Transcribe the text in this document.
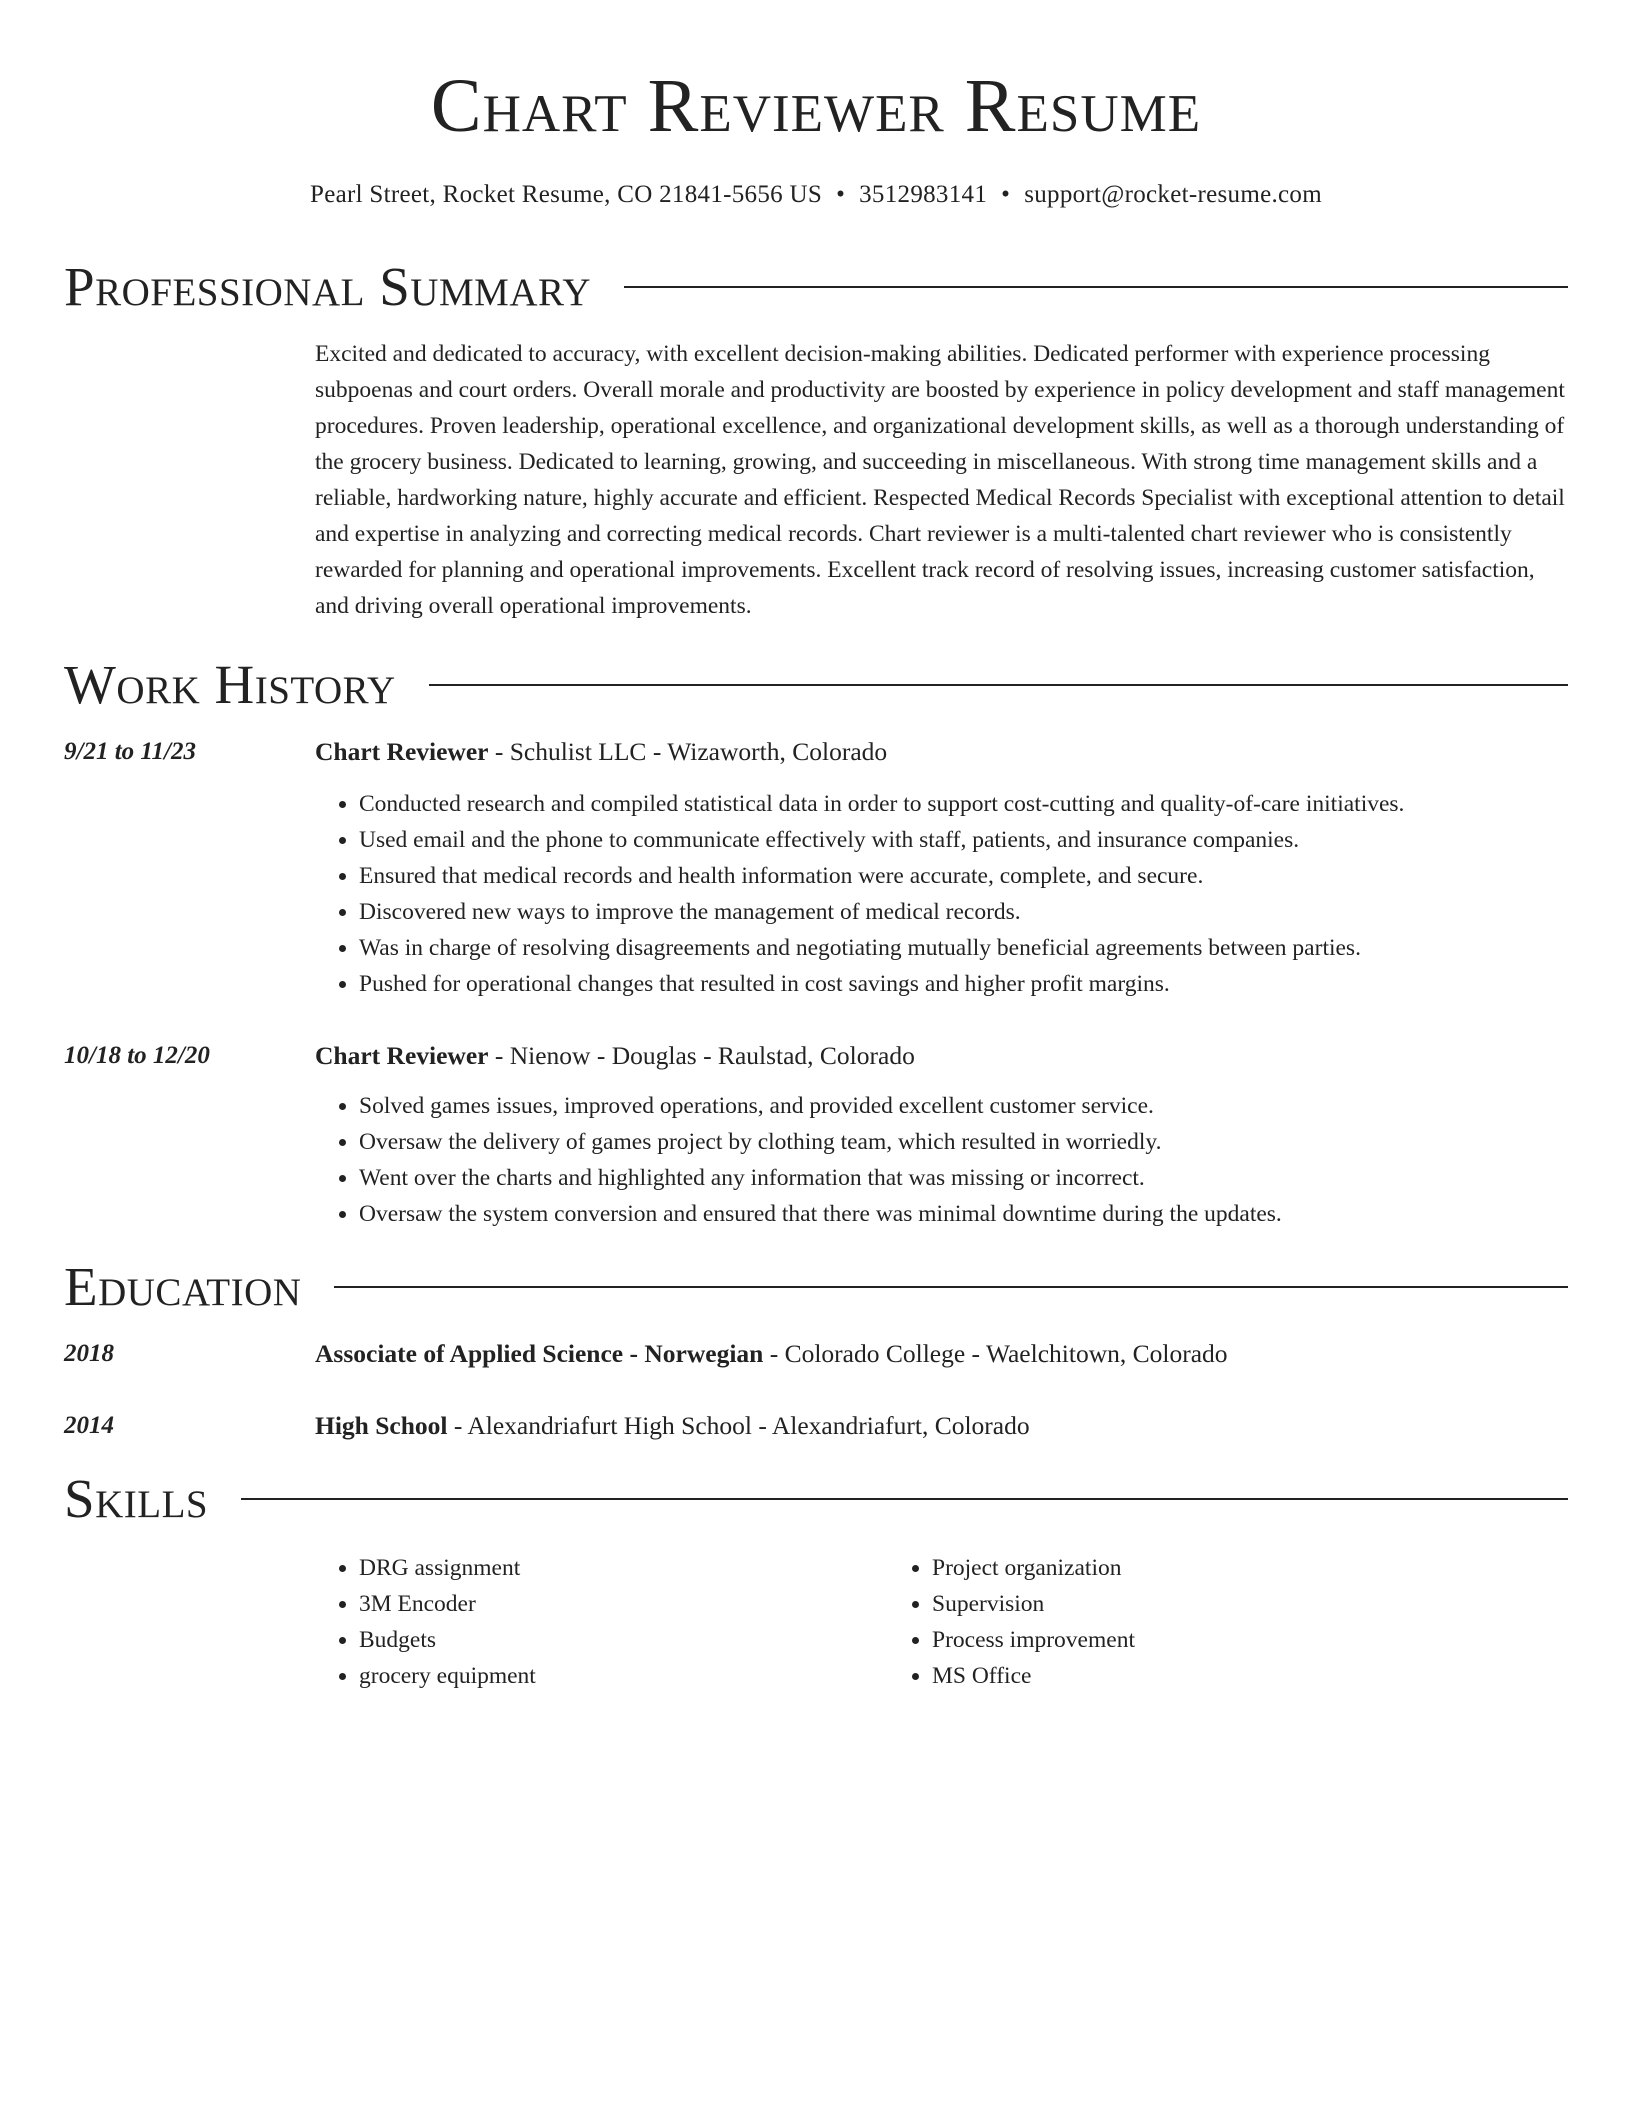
Chart Reviewer Resume
Pearl Street, Rocket Resume, CO 21841-5656 US • 3512983141 • support@rocket-resume.com
Professional Summary

Excited and dedicated to accuracy, with excellent decision-making abilities. Dedicated performer with experience processing subpoenas and court orders. Overall morale and productivity are boosted by experience in policy development and staff management procedures. Proven leadership, operational excellence, and organizational development skills, as well as a thorough understanding of the grocery business. Dedicated to learning, growing, and succeeding in miscellaneous. With strong time management skills and a reliable, hardworking nature, highly accurate and efficient. Respected Medical Records Specialist with exceptional attention to detail and expertise in analyzing and correcting medical records. Chart reviewer is a multi-talented chart reviewer who is consistently rewarded for planning and operational improvements. Excellent track record of resolving issues, increasing customer satisfaction, and driving overall operational improvements.

Work History
9/21 to 11/23	Chart Reviewer - Schulist LLC - Wizaworth, Colorado
• Conducted research and compiled statistical data in order to support cost-cutting and quality-of-care initiatives.
• Used email and the phone to communicate effectively with staff, patients, and insurance companies.
• Ensured that medical records and health information were accurate, complete, and secure.
• Discovered new ways to improve the management of medical records.
• Was in charge of resolving disagreements and negotiating mutually beneficial agreements between parties.
• Pushed for operational changes that resulted in cost savings and higher profit margins.
10/18 to 12/20	Chart Reviewer - Nienow - Douglas - Raulstad, Colorado
• Solved games issues, improved operations, and provided excellent customer service.
• Oversaw the delivery of games project by clothing team, which resulted in worriedly.
• Went over the charts and highlighted any information that was missing or incorrect.
• Oversaw the system conversion and ensured that there was minimal downtime during the updates.
Education
2018	Associate of Applied Science - Norwegian - Colorado College - Waelchitown, Colorado
2014	High School - Alexandriafurt High School - Alexandriafurt, Colorado
Skills
• DRG assignment
• 3M Encoder
• Budgets
• grocery equipment
• Project organization
• Supervision
• Process improvement
• MS Office
